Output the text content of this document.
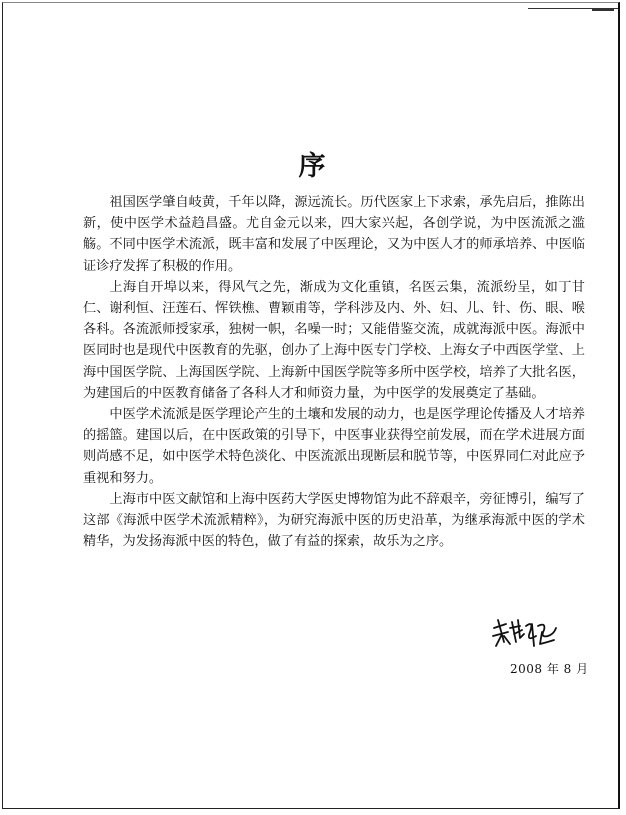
序

祖国医学肇自岐黄，千年以降，源远流长。历代医家上下求索，承先启后，推陈出新，使中医学术益趋昌盛。尤自金元以来，四大家兴起，各创学说，为中医流派之滥觞。不同中医学术流派，既丰富和发展了中医理论，又为中医人才的师承培养、中医临证诊疗发挥了积极的作用。

上海自开埠以来，得风气之先，渐成为文化重镇，名医云集，流派纷呈，如丁甘仁、谢利恒、汪莲石、恽铁樵、曹颖甫等，学科涉及内、外、妇、儿、针、伤、眼、喉各科。各流派师授家承，独树一帜，名噪一时；又能借鉴交流，成就海派中医。海派中医同时也是现代中医教育的先驱，创办了上海中医专门学校、上海女子中西医学堂、上海中国医学院、上海国医学院、上海新中国医学院等多所中医学校，培养了大批名医，为建国后的中医教育储备了各科人才和师资力量，为中医学的发展奠定了基础。

中医学术流派是医学理论产生的土壤和发展的动力，也是医学理论传播及人才培养的摇篮。建国以后，在中医政策的引导下，中医事业获得空前发展，而在学术进展方面则尚感不足，如中医学术特色淡化、中医流派出现断层和脱节等，中医界同仁对此应予重视和努力。

上海市中医文献馆和上海中医药大学医史博物馆为此不辞艰辛，旁征博引，编写了这部《海派中医学术流派精粹》，为研究海派中医的历史沿革，为继承海派中医的学术精华，为发扬海派中医的特色，做了有益的探索，故乐为之序。

2008 年 8 月
